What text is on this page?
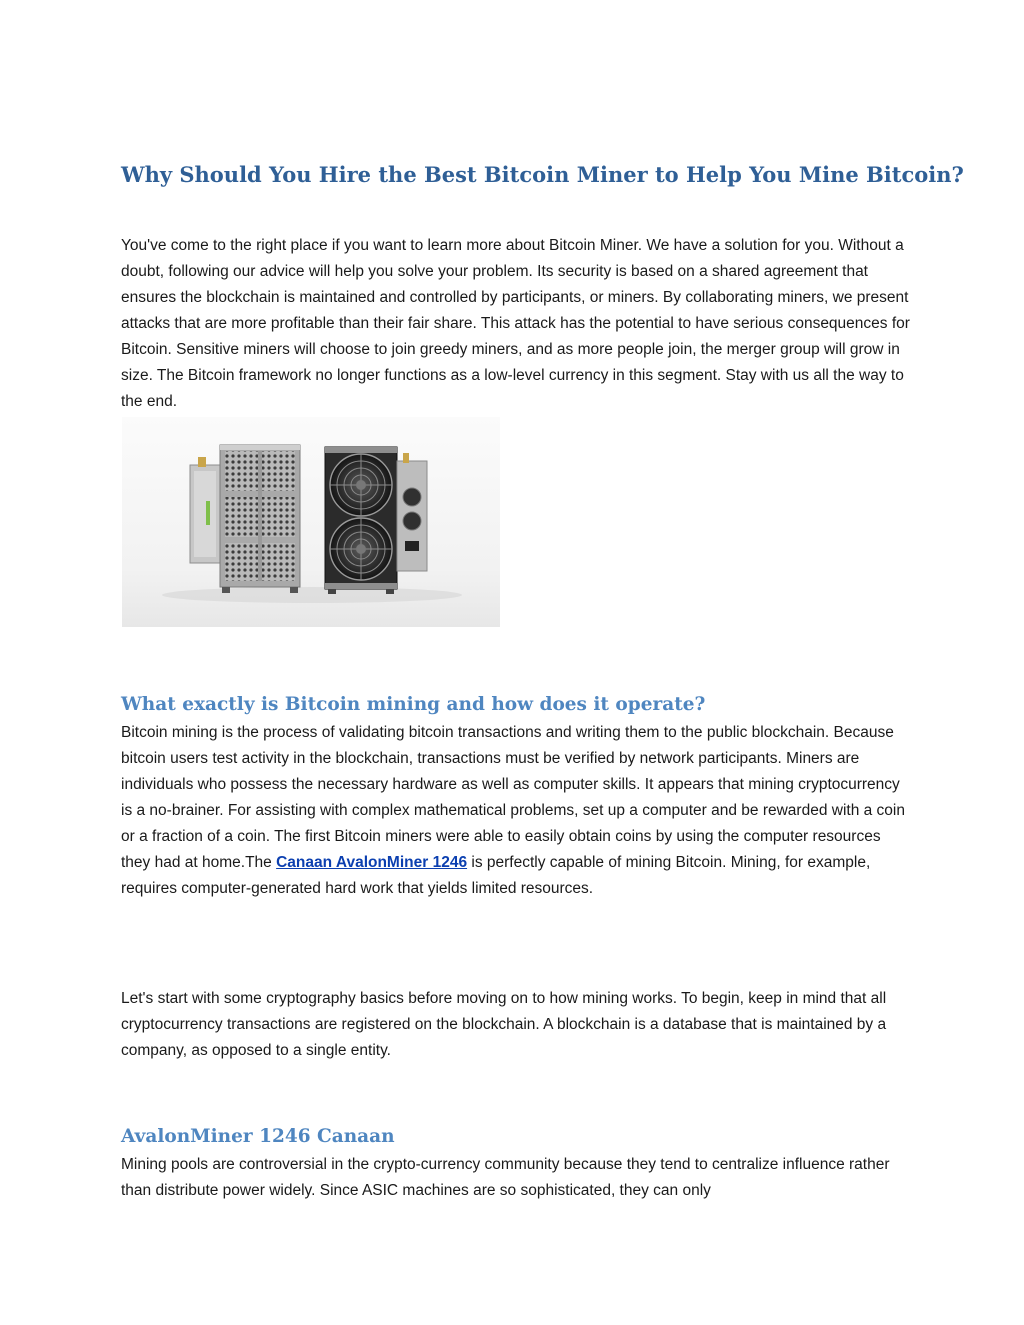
Why Should You Hire the Best Bitcoin Miner to Help You Mine Bitcoin?

You've come to the right place if you want to learn more about Bitcoin Miner. We have a solution for you. Without a doubt, following our advice will help you solve your problem. Its security is based on a shared agreement that ensures the blockchain is maintained and controlled by participants, or miners. By collaborating miners, we present attacks that are more profitable than their fair share. This attack has the potential to have serious consequences for Bitcoin. Sensitive miners will choose to join greedy miners, and as more people join, the merger group will grow in size. The Bitcoin framework no longer functions as a low-level currency in this segment. Stay with us all the way to the end.

What exactly is Bitcoin mining and how does it operate?

Bitcoin mining is the process of validating bitcoin transactions and writing them to the public blockchain. Because bitcoin users test activity in the blockchain, transactions must be verified by network participants. Miners are individuals who possess the necessary hardware as well as computer skills. It appears that mining cryptocurrency is a no-brainer. For assisting with complex mathematical problems, set up a computer and be rewarded with a coin or a fraction of a coin. The first Bitcoin miners were able to easily obtain coins by using the computer resources they had at home.The Canaan AvalonMiner 1246 is perfectly capable of mining Bitcoin. Mining, for example, requires computer-generated hard work that yields limited resources.

Let's start with some cryptography basics before moving on to how mining works. To begin, keep in mind that all cryptocurrency transactions are registered on the blockchain. A blockchain is a database that is maintained by a company, as opposed to a single entity.

AvalonMiner 1246 Canaan

Mining pools are controversial in the crypto-currency community because they tend to centralize influence rather than distribute power widely. Since ASIC machines are so sophisticated, they can only
